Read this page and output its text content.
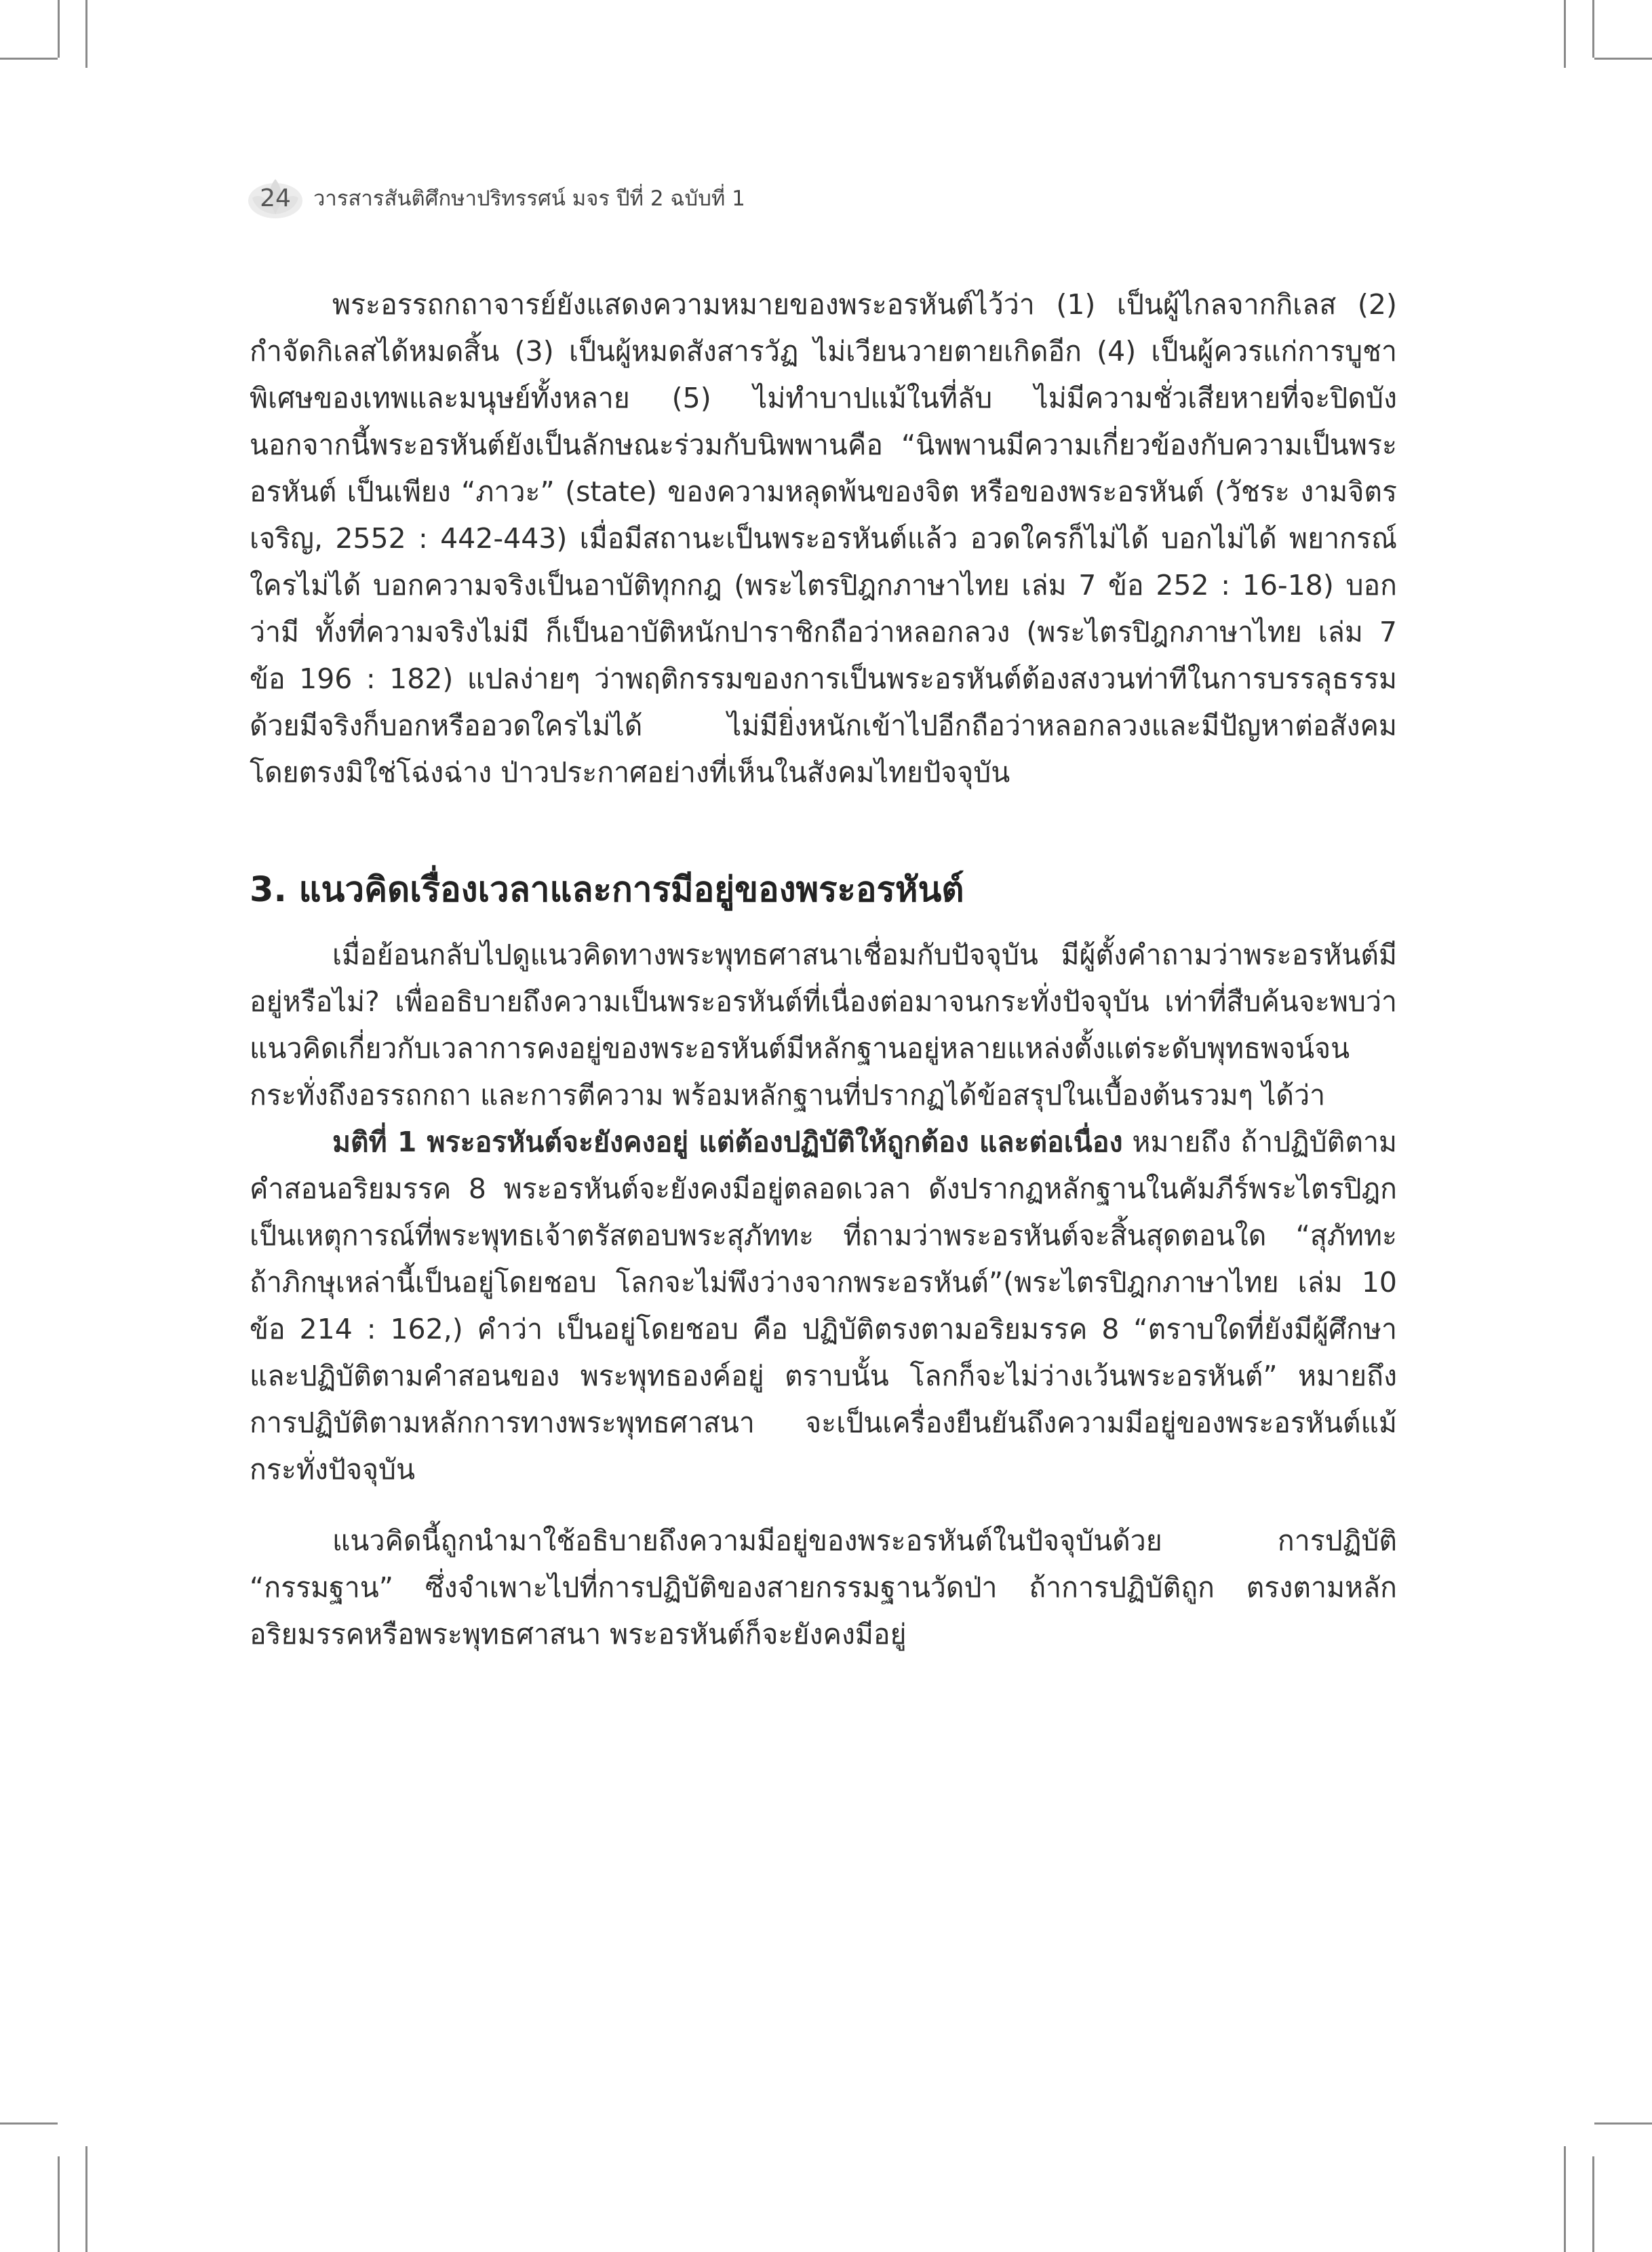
24 วารสารสันติศึกษาปริทรรศน์ มจร ปีที่ 2 ฉบับที่ 1

พระอรรถกถาจารย์ยังแสดงความหมายของพระอรหันต์ไว้ว่า (1) เป็นผู้ไกลจากกิเลส (2) กำจัดกิเลสได้หมดสิ้น (3) เป็นผู้หมดสังสารวัฏ ไม่เวียนวายตายเกิดอีก (4) เป็นผู้ควรแก่การบูชาพิเศษของเทพและมนุษย์ทั้งหลาย (5) ไม่ทำบาปแม้ในที่ลับ ไม่มีความชั่วเสียหายที่จะปิดบัง นอกจากนี้พระอรหันต์ยังเป็นลักษณะร่วมกับนิพพานคือ “นิพพานมีความเกี่ยวข้องกับความเป็นพระอรหันต์ เป็นเพียง “ภาวะ” (state) ของความหลุดพ้นของจิต หรือของพระอรหันต์ (วัชระ งามจิตรเจริญ, 2552 : 442-443) เมื่อมีสถานะเป็นพระอรหันต์แล้ว อวดใครก็ไม่ได้ บอกไม่ได้ พยากรณ์ใครไม่ได้ บอกความจริงเป็นอาบัติทุกกฎ (พระไตรปิฎกภาษาไทย เล่ม 7 ข้อ 252 : 16-18) บอกว่ามี ทั้งที่ความจริงไม่มี ก็เป็นอาบัติหนักปาราชิกถือว่าหลอกลวง (พระไตรปิฎกภาษาไทย เล่ม 7 ข้อ 196 : 182) แปลง่ายๆ ว่าพฤติกรรมของการเป็นพระอรหันต์ต้องสงวนท่าทีในการบรรลุธรรมด้วยมีจริงก็บอกหรืออวดใครไม่ได้ ไม่มียิ่งหนักเข้าไปอีกถือว่าหลอกลวงและมีปัญหาต่อสังคมโดยตรงมิใช่โฉ่งฉ่าง ป่าวประกาศอย่างที่เห็นในสังคมไทยปัจจุบัน

3. แนวคิดเรื่องเวลาและการมีอยู่ของพระอรหันต์

เมื่อย้อนกลับไปดูแนวคิดทางพระพุทธศาสนาเชื่อมกับปัจจุบัน มีผู้ตั้งคำถามว่าพระอรหันต์มีอยู่หรือไม่? เพื่ออธิบายถึงความเป็นพระอรหันต์ที่เนื่องต่อมาจนกระทั่งปัจจุบัน เท่าที่สืบค้นจะพบว่าแนวคิดเกี่ยวกับเวลาการคงอยู่ของพระอรหันต์มีหลักฐานอยู่หลายแหล่งตั้งแต่ระดับพุทธพจน์จนกระทั่งถึงอรรถกถา และการตีความ พร้อมหลักฐานที่ปรากฏได้ข้อสรุปในเบื้องต้นรวมๆ ได้ว่า

มติที่ 1 พระอรหันต์จะยังคงอยู่ แต่ต้องปฏิบัติให้ถูกต้อง และต่อเนื่อง หมายถึง ถ้าปฏิบัติตามคำสอนอริยมรรค 8 พระอรหันต์จะยังคงมีอยู่ตลอดเวลา ดังปรากฏหลักฐานในคัมภีร์พระไตรปิฎกเป็นเหตุการณ์ที่พระพุทธเจ้าตรัสตอบพระสุภัททะ ที่ถามว่าพระอรหันต์จะสิ้นสุดตอนใด “สุภัททะ ถ้าภิกษุเหล่านี้เป็นอยู่โดยชอบ โลกจะไม่พึงว่างจากพระอรหันต์”(พระไตรปิฎกภาษาไทย เล่ม 10 ข้อ 214 : 162,) คำว่า เป็นอยู่โดยชอบ คือ ปฏิบัติตรงตามอริยมรรค 8 “ตราบใดที่ยังมีผู้ศึกษาและปฏิบัติตามคำสอนของ พระพุทธองค์อยู่ ตราบนั้น โลกก็จะไม่ว่างเว้นพระอรหันต์” หมายถึง การปฏิบัติตามหลักการทางพระพุทธศาสนา จะเป็นเครื่องยืนยันถึงความมีอยู่ของพระอรหันต์แม้กระทั่งปัจจุบัน

แนวคิดนี้ถูกนำมาใช้อธิบายถึงความมีอยู่ของพระอรหันต์ในปัจจุบันด้วย การปฏิบัติ “กรรมฐาน” ซึ่งจำเพาะไปที่การปฏิบัติของสายกรรมฐานวัดป่า ถ้าการปฏิบัติถูก ตรงตามหลักอริยมรรคหรือพระพุทธศาสนา พระอรหันต์ก็จะยังคงมีอยู่
